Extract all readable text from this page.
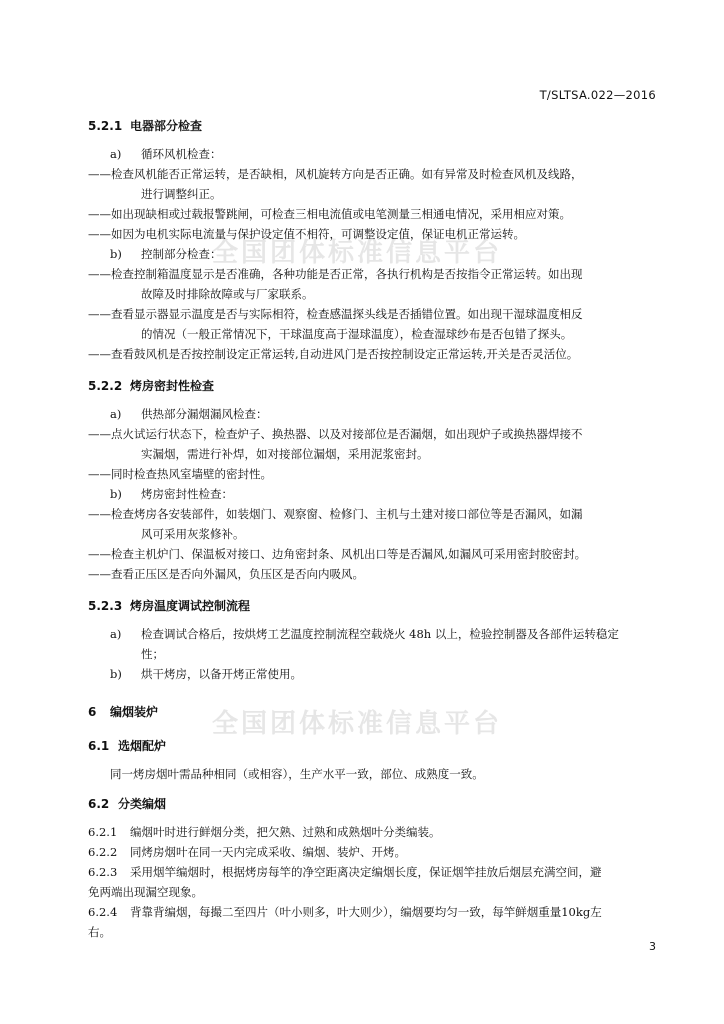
全国团体标准信息平台
全国团体标准信息平台
T/SLTSA.022—2016
5.2.1 电器部分检查
a) 循环风机检查：
——检查风机能否正常运转，是否缺相，风机旋转方向是否正确。如有异常及时检查风机及线路，
进行调整纠正。
——如出现缺相或过载报警跳闸，可检查三相电流值或电笔测量三相通电情况，采用相应对策。
——如因为电机实际电流量与保护设定值不相符，可调整设定值，保证电机正常运转。
b) 控制部分检查：
——检查控制箱温度显示是否准确，各种功能是否正常，各执行机构是否按指令正常运转。如出现
故障及时排除故障或与厂家联系。
——查看显示器显示温度是否与实际相符，检查感温探头线是否插错位置。如出现干湿球温度相反
的情况（一般正常情况下，干球温度高于湿球温度），检查湿球纱布是否包错了探头。
——查看鼓风机是否按控制设定正常运转,自动进风门是否按控制设定正常运转,开关是否灵活位。
5.2.2 烤房密封性检查
a) 供热部分漏烟漏风检查：
——点火试运行状态下，检查炉子、换热器、以及对接部位是否漏烟，如出现炉子或换热器焊接不
实漏烟，需进行补焊，如对接部位漏烟，采用泥浆密封。
——同时检查热风室墙壁的密封性。
b) 烤房密封性检查：
——检查烤房各安装部件，如装烟门、观察窗、检修门、主机与土建对接口部位等是否漏风，如漏
风可采用灰浆修补。
——检查主机炉门、保温板对接口、边角密封条、风机出口等是否漏风,如漏风可采用密封胶密封。
——查看正压区是否向外漏风，负压区是否向内吸风。
5.2.3 烤房温度调试控制流程
a) 检查调试合格后，按烘烤工艺温度控制流程空载烧火 48h 以上，检验控制器及各部件运转稳定
性；
b) 烘干烤房，以备开烤正常使用。
6 编烟装炉
6.1 选烟配炉
同一烤房烟叶需品种相同（或相容），生产水平一致，部位、成熟度一致。
6.2 分类编烟
6.2.1 编烟叶时进行鲜烟分类，把欠熟、过熟和成熟烟叶分类编装。
6.2.2 同烤房烟叶在同一天内完成采收、编烟、装炉、开烤。
6.2.3 采用烟竿编烟时，根据烤房每竿的净空距离决定编烟长度，保证烟竿挂放后烟层充满空间，避
免两端出现漏空现象。
6.2.4 背靠背编烟，每撮二至四片（叶小则多，叶大则少），编烟要均匀一致，每竿鲜烟重量10kg左
右。
3
